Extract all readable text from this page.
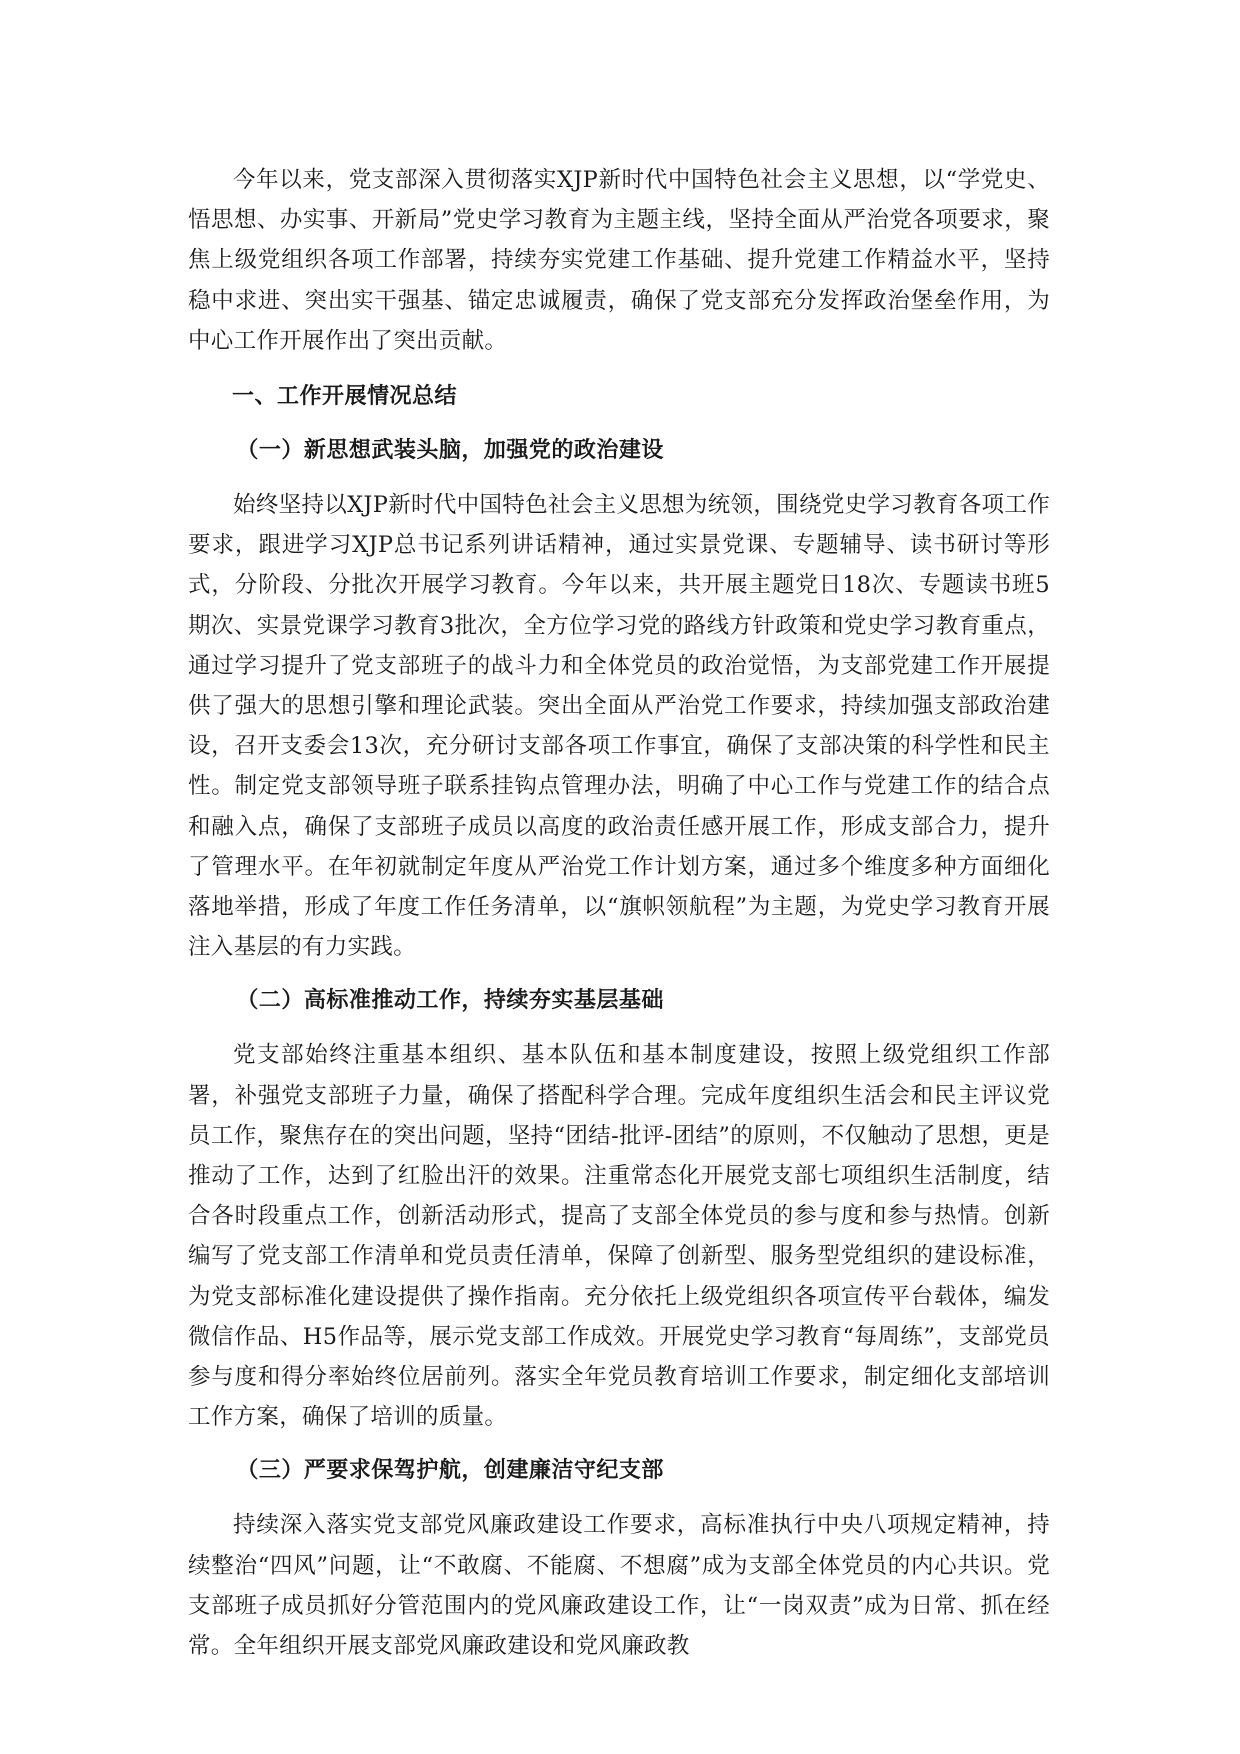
今年以来，党支部深入贯彻落实XJP新时代中国特色社会主义思想，以“学党史、悟思想、办实事、开新局”党史学习教育为主题主线，坚持全面从严治党各项要求，聚焦上级党组织各项工作部署，持续夯实党建工作基础、提升党建工作精益水平，坚持稳中求进、突出实干强基、锚定忠诚履责，确保了党支部充分发挥政治堡垒作用，为中心工作开展作出了突出贡献。

一、工作开展情况总结

（一）新思想武装头脑，加强党的政治建设

始终坚持以XJP新时代中国特色社会主义思想为统领，围绕党史学习教育各项工作要求，跟进学习XJP总书记系列讲话精神，通过实景党课、专题辅导、读书研讨等形式，分阶段、分批次开展学习教育。今年以来，共开展主题党日18次、专题读书班5期次、实景党课学习教育3批次，全方位学习党的路线方针政策和党史学习教育重点，通过学习提升了党支部班子的战斗力和全体党员的政治觉悟，为支部党建工作开展提供了强大的思想引擎和理论武装。突出全面从严治党工作要求，持续加强支部政治建设，召开支委会13次，充分研讨支部各项工作事宜，确保了支部决策的科学性和民主性。制定党支部领导班子联系挂钩点管理办法，明确了中心工作与党建工作的结合点和融入点，确保了支部班子成员以高度的政治责任感开展工作，形成支部合力，提升了管理水平。在年初就制定年度从严治党工作计划方案，通过多个维度多种方面细化落地举措，形成了年度工作任务清单，以“旗帜领航程”为主题，为党史学习教育开展注入基层的有力实践。

（二）高标准推动工作，持续夯实基层基础

党支部始终注重基本组织、基本队伍和基本制度建设，按照上级党组织工作部署，补强党支部班子力量，确保了搭配科学合理。完成年度组织生活会和民主评议党员工作，聚焦存在的突出问题，坚持“团结-批评-团结”的原则，不仅触动了思想，更是推动了工作，达到了红脸出汗的效果。注重常态化开展党支部七项组织生活制度，结合各时段重点工作，创新活动形式，提高了支部全体党员的参与度和参与热情。创新编写了党支部工作清单和党员责任清单，保障了创新型、服务型党组织的建设标准，为党支部标准化建设提供了操作指南。充分依托上级党组织各项宣传平台载体，编发微信作品、H5作品等，展示党支部工作成效。开展党史学习教育“每周练”，支部党员参与度和得分率始终位居前列。落实全年党员教育培训工作要求，制定细化支部培训工作方案，确保了培训的质量。

（三）严要求保驾护航，创建廉洁守纪支部

持续深入落实党支部党风廉政建设工作要求，高标准执行中央八项规定精神，持续整治“四风”问题，让“不敢腐、不能腐、不想腐”成为支部全体党员的内心共识。党支部班子成员抓好分管范围内的党风廉政建设工作，让“一岗双责”成为日常、抓在经常。全年组织开展支部党风廉政建设和党风廉政教
